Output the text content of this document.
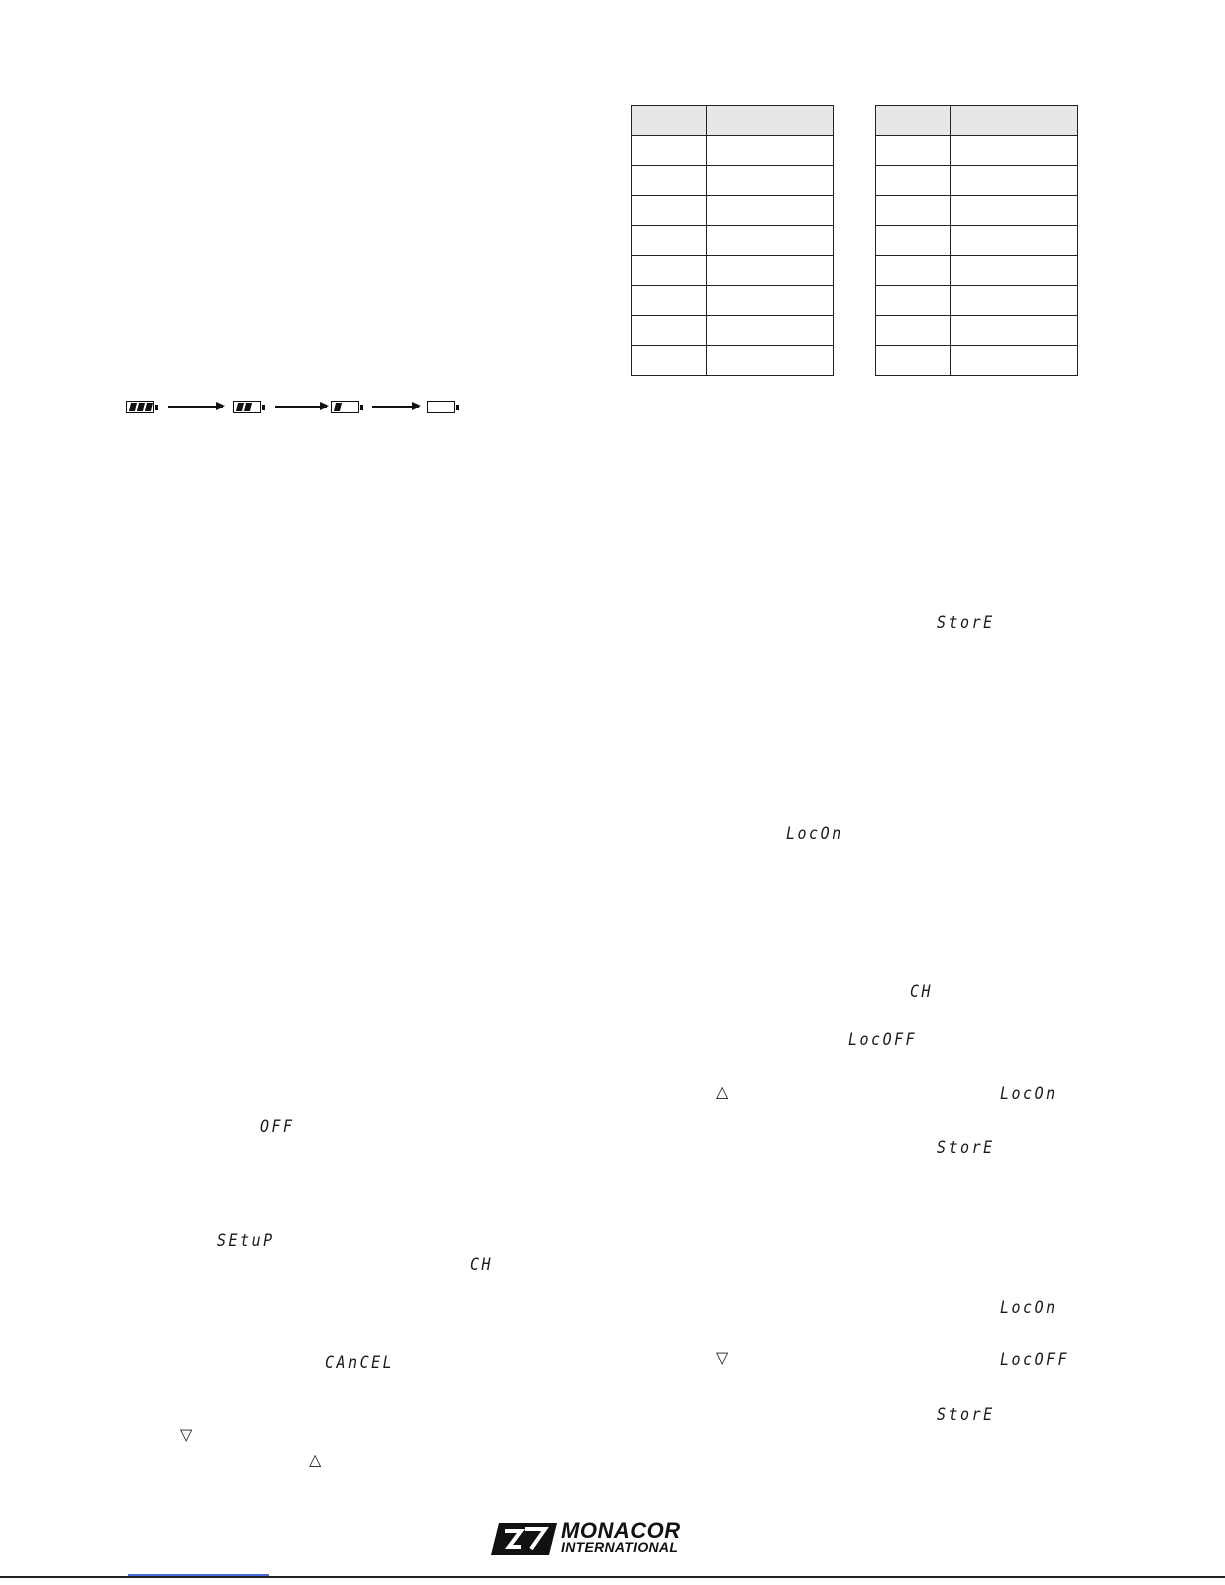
StorE
LocOn
CH
LocOFF
△	LocOn
StorE
OFF
SEtuP
CH
LocOn
CAnCEL	▽	LocOFF
StorE
▽
△
MONACOR
INTERNATIONAL
